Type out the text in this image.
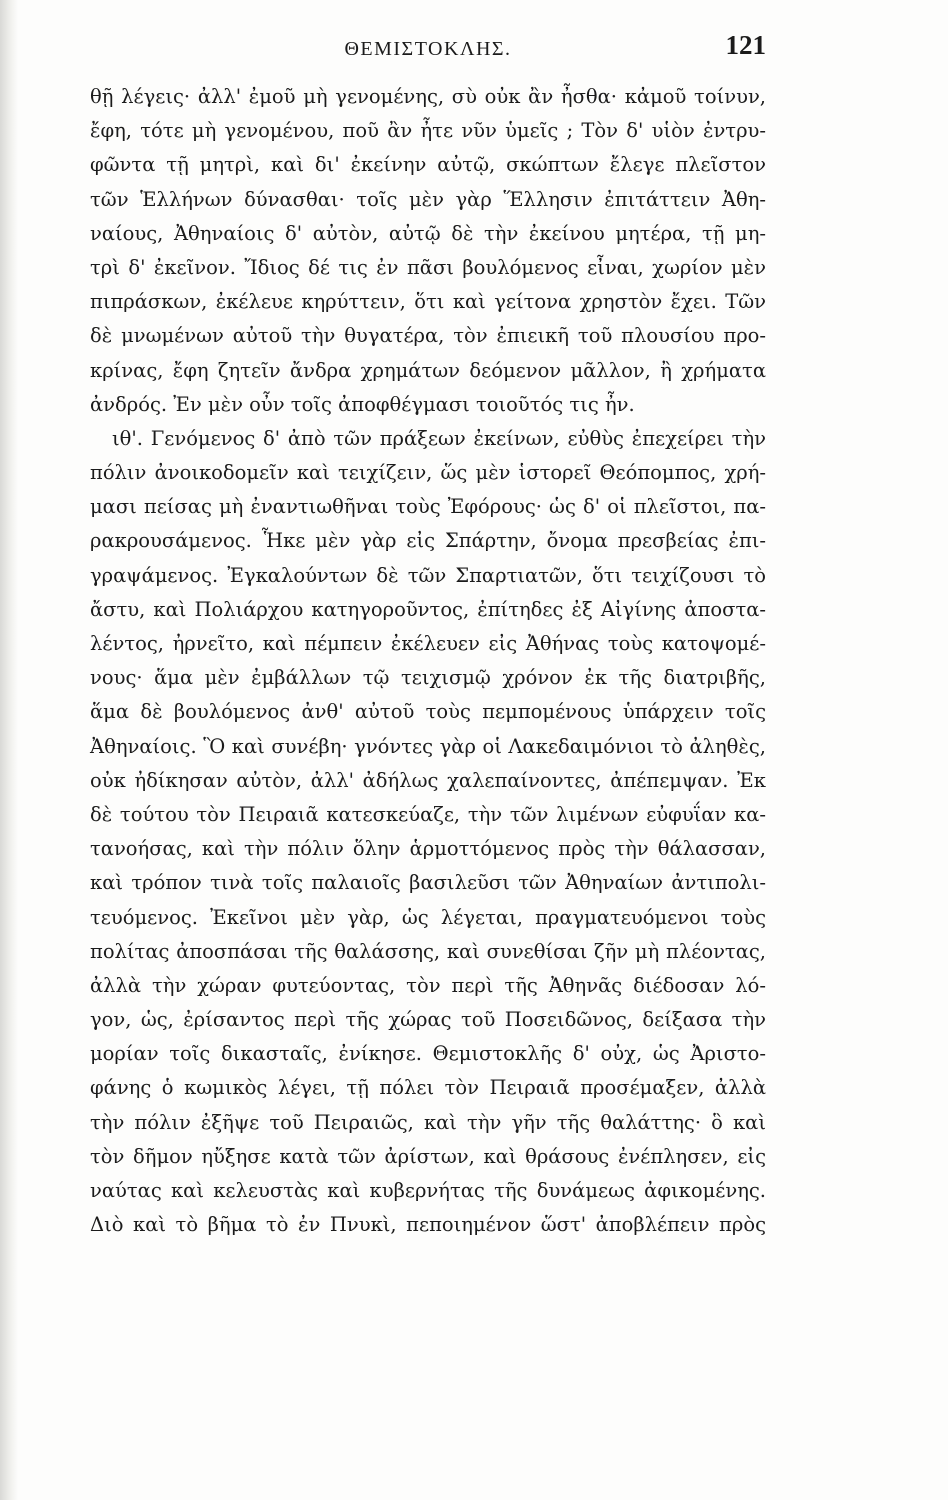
ΘΕΜΙΣΤΟΚΛΗΣ.	121
θῇ λέγεις· ἀλλ' ἐμοῦ μὴ γενομένης, σὺ οὐκ ἂν ἦσθα· κἀμοῦ τοίνυν,
ἔφη, τότε μὴ γενομένου, ποῦ ἂν ἦτε νῦν ὑμεῖς ; Τὸν δ' υἱὸν ἐντρυ-
φῶντα τῇ μητρὶ, καὶ δι' ἐκείνην αὐτῷ, σκώπτων ἔλεγε πλεῖστον
τῶν Ἑλλήνων δύνασθαι· τοῖς μὲν γὰρ Ἕλλησιν ἐπιτάττειν Ἀθη-
ναίους, Ἀθηναίοις δ' αὐτὸν, αὐτῷ δὲ τὴν ἐκείνου μητέρα, τῇ μη-
τρὶ δ' ἐκεῖνον. Ἴδιος δέ τις ἐν πᾶσι βουλόμενος εἶναι, χωρίον μὲν
πιπράσκων, ἐκέλευε κηρύττειν, ὅτι καὶ γείτονα χρηστὸν ἔχει. Τῶν
δὲ μνωμένων αὐτοῦ τὴν θυγατέρα, τὸν ἐπιεικῆ τοῦ πλουσίου προ-
κρίνας, ἔφη ζητεῖν ἄνδρα χρημάτων δεόμενον μᾶλλον, ἢ χρήματα
ἀνδρός. Ἐν μὲν οὖν τοῖς ἀποφθέγμασι τοιοῦτός τις ἦν.
ιθ'. Γενόμενος δ' ἀπὸ τῶν πράξεων ἐκείνων, εὐθὺς ἐπεχείρει τὴν
πόλιν ἀνοικοδομεῖν καὶ τειχίζειν, ὥς μὲν ἱστορεῖ Θεόπομπος, χρή-
μασι πείσας μὴ ἐναντιωθῆναι τοὺς Ἐφόρους· ὡς δ' οἱ πλεῖστοι, πα-
ρακρουσάμενος. Ἧκε μὲν γὰρ εἰς Σπάρτην, ὄνομα πρεσβείας ἐπι-
γραψάμενος. Ἐγκαλούντων δὲ τῶν Σπαρτιατῶν, ὅτι τειχίζουσι τὸ
ἄστυ, καὶ Πολιάρχου κατηγοροῦντος, ἐπίτηδες ἐξ Αἰγίνης ἀποστα-
λέντος, ἠρνεῖτο, καὶ πέμπειν ἐκέλευεν εἰς Ἀθήνας τοὺς κατοψομέ-
νους· ἅμα μὲν ἐμβάλλων τῷ τειχισμῷ χρόνον ἐκ τῆς διατριβῆς,
ἅμα δὲ βουλόμενος ἀνθ' αὐτοῦ τοὺς πεμπομένους ὑπάρχειν τοῖς
Ἀθηναίοις. Ὃ καὶ συνέβη· γνόντες γὰρ οἱ Λακεδαιμόνιοι τὸ ἀληθὲς,
οὐκ ἠδίκησαν αὐτὸν, ἀλλ' ἀδήλως χαλεπαίνοντες, ἀπέπεμψαν. Ἐκ
δὲ τούτου τὸν Πειραιᾶ κατεσκεύαζε, τὴν τῶν λιμένων εὐφυΐαν κα-
τανοήσας, καὶ τὴν πόλιν ὅλην ἁρμοττόμενος πρὸς τὴν θάλασσαν,
καὶ τρόπον τινὰ τοῖς παλαιοῖς βασιλεῦσι τῶν Ἀθηναίων ἀντιπολι-
τευόμενος. Ἐκεῖνοι μὲν γὰρ, ὡς λέγεται, πραγματευόμενοι τοὺς
πολίτας ἀποσπάσαι τῆς θαλάσσης, καὶ συνεθίσαι ζῆν μὴ πλέοντας,
ἀλλὰ τὴν χώραν φυτεύοντας, τὸν περὶ τῆς Ἀθηνᾶς διέδοσαν λό-
γον, ὡς, ἐρίσαντος περὶ τῆς χώρας τοῦ Ποσειδῶνος, δείξασα τὴν
μορίαν τοῖς δικασταῖς, ἐνίκησε. Θεμιστοκλῆς δ' οὐχ, ὡς Ἀριστο-
φάνης ὁ κωμικὸς λέγει, τῇ πόλει τὸν Πειραιᾶ προσέμαξεν, ἀλλὰ
τὴν πόλιν ἐξῆψε τοῦ Πειραιῶς, καὶ τὴν γῆν τῆς θαλάττης· ὃ καὶ
τὸν δῆμον ηὔξησε κατὰ τῶν ἀρίστων, καὶ θράσους ἐνέπλησεν, εἰς
ναύτας καὶ κελευστὰς καὶ κυβερνήτας τῆς δυνάμεως ἀφικομένης.
Διὸ καὶ τὸ βῆμα τὸ ἐν Πνυκὶ, πεποιημένον ὥστ' ἀποβλέπειν πρὸς
